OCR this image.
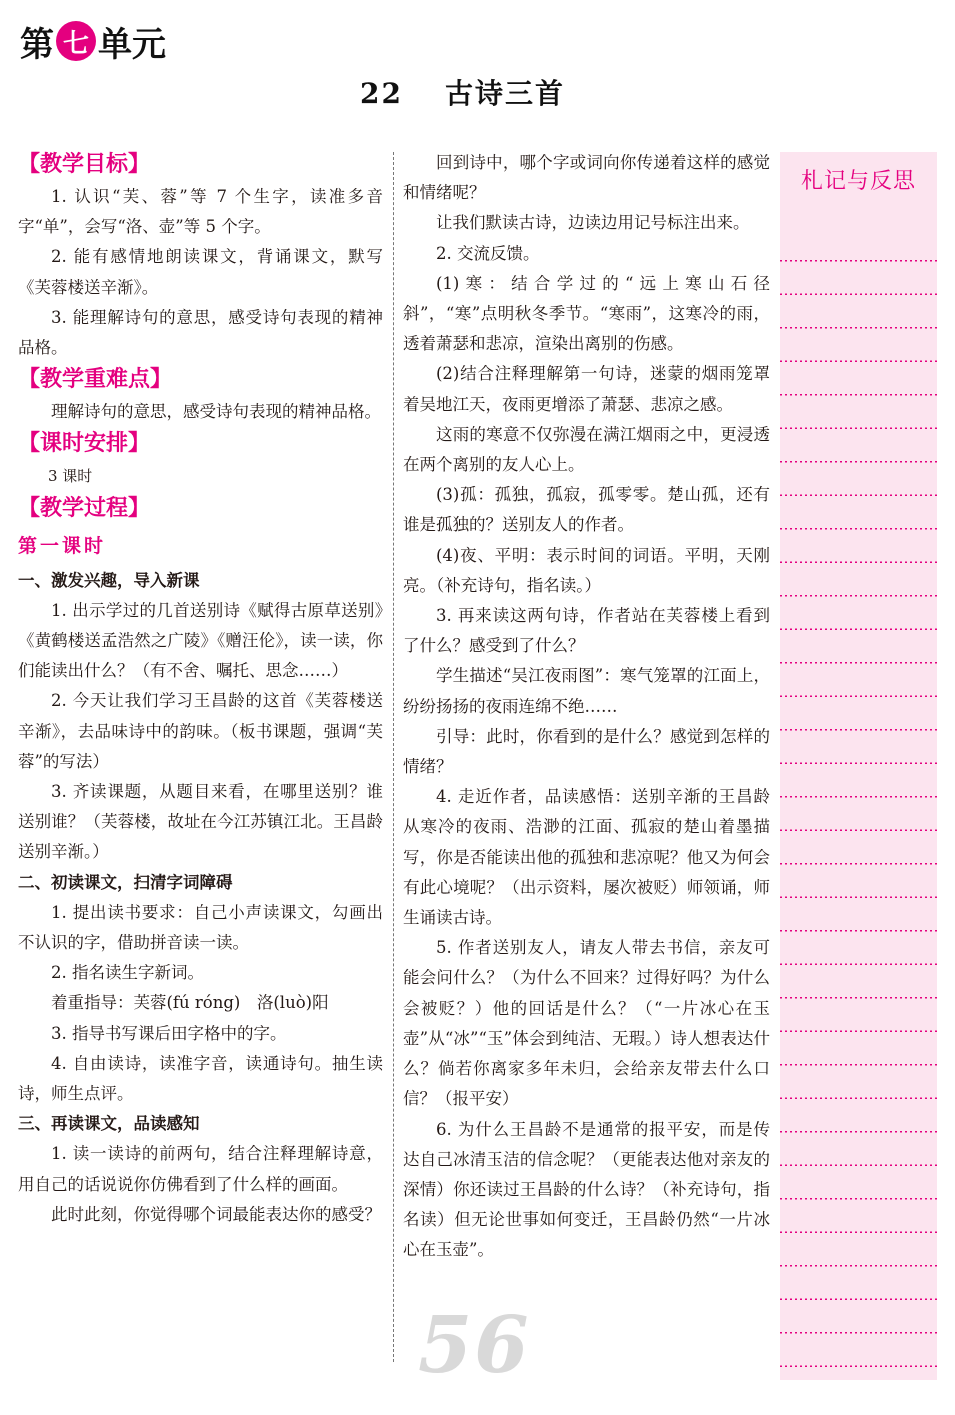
第 七 单元
22 古诗三首

【教学目标】

1. 认识“芙、蓉”等 7 个生字，读准多音字“单”，会写“洛、壶”等 5 个字。

2. 能有感情地朗读课文，背诵课文，默写《芙蓉楼送辛渐》。

3. 能理解诗句的意思，感受诗句表现的精神品格。

【教学重难点】

理解诗句的意思，感受诗句表现的精神品格。

【课时安排】

3 课时

【教学过程】

第一课时

一、激发兴趣，导入新课

1. 出示学过的几首送别诗《赋得古原草送别》《黄鹤楼送孟浩然之广陵》《赠汪伦》，读一读，你们能读出什么？（有不舍、嘱托、思念……）

2. 今天让我们学习王昌龄的这首《芙蓉楼送辛渐》，去品味诗中的韵味。（板书课题，强调“芙蓉”的写法）

3. 齐读课题，从题目来看，在哪里送别？谁送别谁？（芙蓉楼，故址在今江苏镇江北。王昌龄送别辛渐。）

二、初读课文，扫清字词障碍

1. 提出读书要求：自己小声读课文，勾画出不认识的字，借助拼音读一读。

2. 指名读生字新词。

着重指导：芙蓉(fú róng)　洛(luò)阳

3. 指导书写课后田字格中的字。

4. 自由读诗，读准字音，读通诗句。抽生读诗，师生点评。

三、再读课文，品读感知

1. 读一读诗的前两句，结合注释理解诗意，用自己的话说说你仿佛看到了什么样的画面。

此时此刻，你觉得哪个词最能表达你的感受？

回到诗中，哪个字或词向你传递着这样的感觉和情绪呢？

让我们默读古诗，边读边用记号标注出来。

2. 交流反馈。

(1)寒：结合学过的“远上寒山石径斜”，“寒”点明秋冬季节。“寒雨”，这寒冷的雨，透着萧瑟和悲凉，渲染出离别的伤感。

(2)结合注释理解第一句诗，迷蒙的烟雨笼罩着吴地江天，夜雨更增添了萧瑟、悲凉之感。

这雨的寒意不仅弥漫在满江烟雨之中，更浸透在两个离别的友人心上。

(3)孤：孤独，孤寂，孤零零。楚山孤，还有谁是孤独的？送别友人的作者。

(4)夜、平明：表示时间的词语。平明，天刚亮。（补充诗句，指名读。）

3. 再来读这两句诗，作者站在芙蓉楼上看到了什么？感受到了什么？

学生描述“吴江夜雨图”：寒气笼罩的江面上，纷纷扬扬的夜雨连绵不绝……

引导：此时，你看到的是什么？感觉到怎样的情绪？

4. 走近作者，品读感悟：送别辛渐的王昌龄从寒冷的夜雨、浩渺的江面、孤寂的楚山着墨描写，你是否能读出他的孤独和悲凉呢？他又为何会有此心境呢？（出示资料，屡次被贬）师领诵，师生诵读古诗。

5. 作者送别友人，请友人带去书信，亲友可能会问什么？（为什么不回来？过得好吗？为什么会被贬？）他的回话是什么？（“一片冰心在玉壶”从“冰”“玉”体会到纯洁、无瑕。）诗人想表达什么？倘若你离家多年未归，会给亲友带去什么口信？（报平安）

6. 为什么王昌龄不是通常的报平安，而是传达自己冰清玉洁的信念呢？（更能表达他对亲友的深情）你还读过王昌龄的什么诗？（补充诗句，指名读）但无论世事如何变迁，王昌龄仍然“一片冰心在玉壶”。

札记与反思
56
